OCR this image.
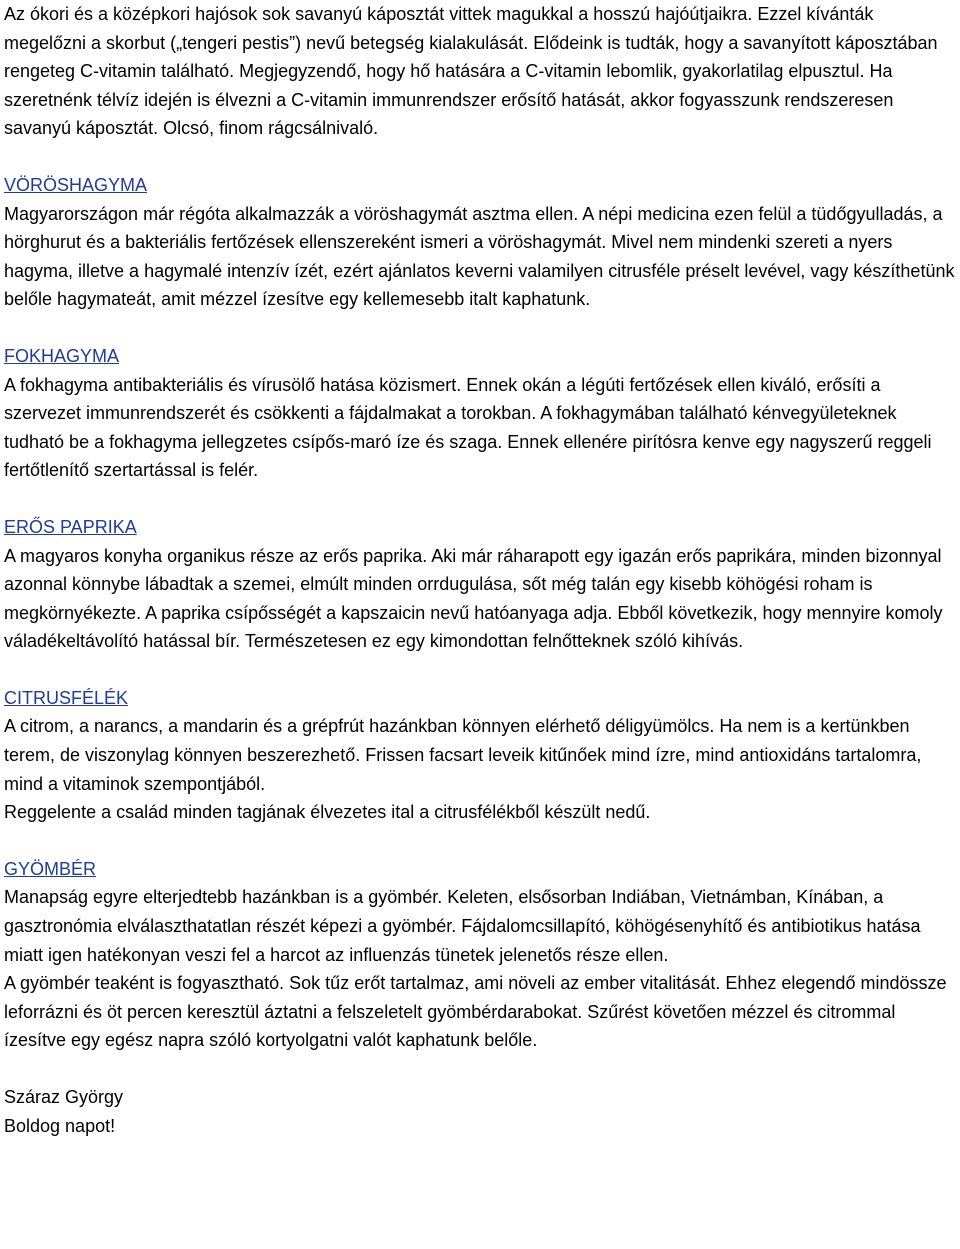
Az ókori és a középkori hajósok sok savanyú káposztát vittek magukkal a hosszú hajóútjaikra. Ezzel kívánták megelőzni a skorbut („tengeri pestis”) nevű betegség kialakulását. Elődeink is tudták, hogy a savanyított káposztában rengeteg C-vitamin található. Megjegyzendő, hogy hő hatására a C-vitamin lebomlik, gyakorlatilag elpusztul. Ha szeretnénk télvíz idején is élvezni a C-vitamin immunrendszer erősítő hatását, akkor fogyasszunk rendszeresen savanyú káposztát. Olcsó, finom rágcsálnivaló.

VÖRÖSHAGYMA

Magyarországon már régóta alkalmazzák a vöröshagymát asztma ellen. A népi medicina ezen felül a tüdőgyulladás, a hörghurut és a bakteriális fertőzések ellenszereként ismeri a vöröshagymát. Mivel nem mindenki szereti a nyers hagyma, illetve a hagymalé intenzív ízét, ezért ajánlatos keverni valamilyen citrusféle préselt levével, vagy készíthetünk belőle hagymateát, amit mézzel ízesítve egy kellemesebb italt kaphatunk.

FOKHAGYMA

A fokhagyma antibakteriális és vírusölő hatása közismert. Ennek okán a légúti fertőzések ellen kiváló, erősíti a szervezet immunrendszerét és csökkenti a fájdalmakat a torokban. A fokhagymában található kénvegyületeknek tudható be a fokhagyma jellegzetes csípős-maró íze és szaga. Ennek ellenére pirítósra kenve egy nagyszerű reggeli fertőtlenítő szertartással is felér.

ERŐS PAPRIKA

A magyaros konyha organikus része az erős paprika. Aki már ráharapott egy igazán erős paprikára, minden bizonnyal azonnal könnybe lábadtak a szemei, elmúlt minden orrdugulása, sőt még talán egy kisebb köhögési roham is megkörnyékezte. A paprika csípősségét a kapszaicin nevű hatóanyaga adja. Ebből következik, hogy mennyire komoly váladékeltávolító hatással bír. Természetesen ez egy kimondottan felnőtteknek szóló kihívás.

CITRUSFÉLÉK

A citrom, a narancs, a mandarin és a grépfrút hazánkban könnyen elérhető déligyümölcs. Ha nem is a kertünkben terem, de viszonylag könnyen beszerezhető. Frissen facsart leveik kitűnőek mind ízre, mind antioxidáns tartalomra, mind a vitaminok szempontjából.

Reggelente a család minden tagjának élvezetes ital a citrusfélékből készült nedű.

GYÖMBÉR

Manapság egyre elterjedtebb hazánkban is a gyömbér. Keleten, elsősorban Indiában, Vietnámban, Kínában, a gasztronómia elválaszthatatlan részét képezi a gyömbér. Fájdalomcsillapító, köhögésenyhítő és antibiotikus hatása miatt igen hatékonyan veszi fel a harcot az influenzás tünetek jelenetős része ellen.

A gyömbér teaként is fogyasztható. Sok tűz erőt tartalmaz, ami növeli az ember vitalitását. Ehhez elegendő mindössze leforrázni és öt percen keresztül áztatni a felszeletelt gyömbérdarabokat. Szűrést követően mézzel és citrommal ízesítve egy egész napra szóló kortyolgatni valót kaphatunk belőle.

Száraz György

Boldog napot!
